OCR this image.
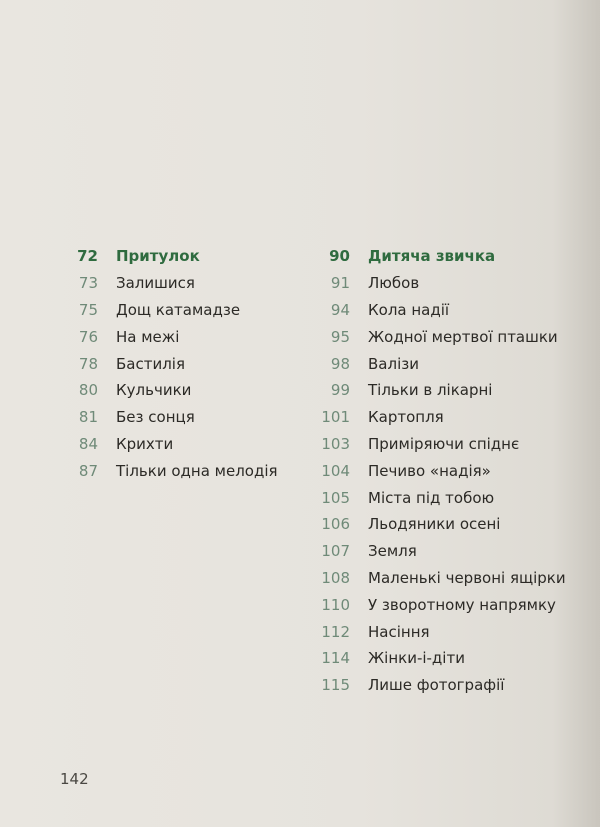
72 Притулок
73 Залишися
75 Дощ катамадзе
76 На межі
78 Бастилія
80 Кульчики
81 Без сонця
84 Крихти
87 Тільки одна мелодія
90 Дитяча звичка
91 Любов
94 Кола надії
95 Жодної мертвої пташки
98 Валізи
99 Тільки в лікарні
101 Картопля
103 Приміряючи спіднє
104 Печиво «надія»
105 Міста під тобою
106 Льодяники осені
107 Земля
108 Маленькі червоні ящірки
110 У зворотному напрямку
112 Насіння
114 Жінки-і-діти
115 Лише фотографії
142
